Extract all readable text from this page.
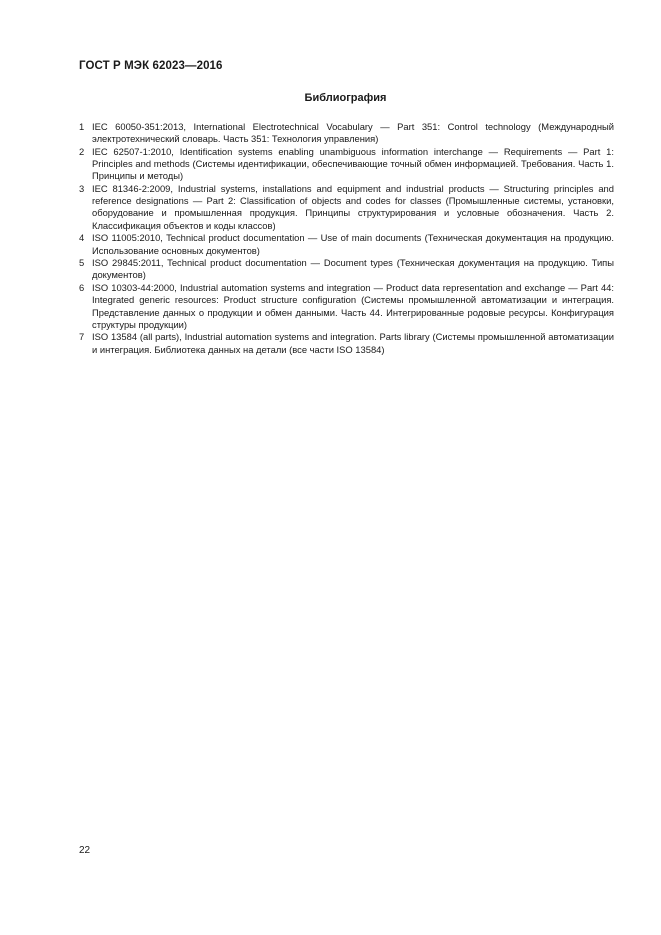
ГОСТ Р МЭК 62023—2016
Библиография
1 IEC 60050-351:2013, International Electrotechnical Vocabulary — Part 351: Control technology (Международный электротехнический словарь. Часть 351: Технология управления)
2 IEC 62507-1:2010, Identification systems enabling unambiguous information interchange — Requirements — Part 1: Principles and methods (Системы идентификации, обеспечивающие точный обмен информацией. Требования. Часть 1. Принципы и методы)
3 IEC 81346-2:2009, Industrial systems, installations and equipment and industrial products — Structuring principles and reference designations — Part 2: Classification of objects and codes for classes (Промышленные системы, установки, оборудование и промышленная продукция. Принципы структурирования и условные обозначения. Часть 2. Классификация объектов и коды классов)
4 ISO 11005:2010, Technical product documentation — Use of main documents (Техническая документация на продукцию. Использование основных документов)
5 ISO 29845:2011, Technical product documentation — Document types (Техническая документация на продукцию. Типы документов)
6 ISO 10303-44:2000, Industrial automation systems and integration — Product data representation and exchange — Part 44: Integrated generic resources: Product structure configuration (Системы промышленной автоматизации и интеграция. Представление данных о продукции и обмен данными. Часть 44. Интегрированные родовые ресурсы. Конфигурация структуры продукции)
7 ISO 13584 (all parts), Industrial automation systems and integration. Parts library (Системы промышленной автоматизации и интеграция. Библиотека данных на детали (все части ISO 13584)
22
